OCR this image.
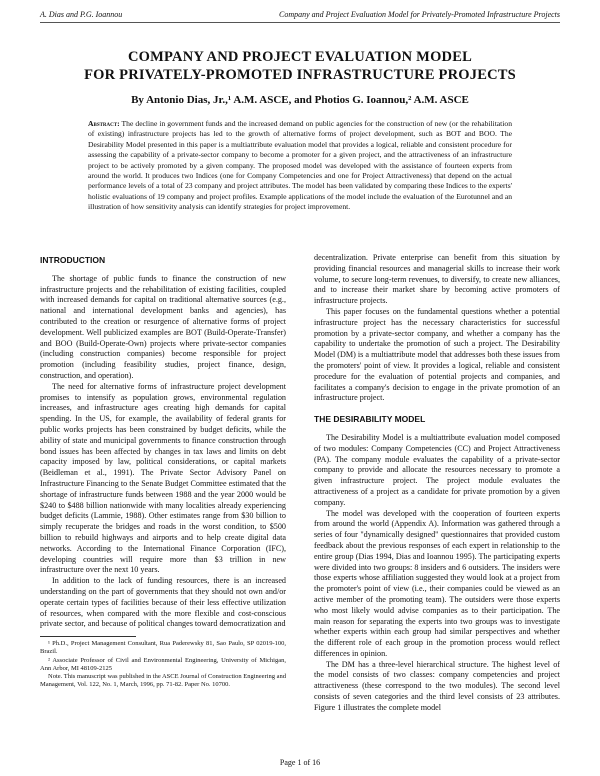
A. Dias and P.G. Ioannou	Company and Project Evaluation Model for Privately-Promoted Infrastructure Projects
COMPANY AND PROJECT EVALUATION MODEL
FOR PRIVATELY-PROMOTED INFRASTRUCTURE PROJECTS
By Antonio Dias, Jr.,¹ A.M. ASCE, and Photios G. Ioannou,² A.M. ASCE
Abstract: The decline in government funds and the increased demand on public agencies for the construction of new (or the rehabilitation of existing) infrastructure projects has led to the growth of alternative forms of project development, such as BOT and BOO. The Desirability Model presented in this paper is a multiattribute evaluation model that provides a logical, reliable and consistent procedure for assessing the capability of a private-sector company to become a promoter for a given project, and the attractiveness of an infrastructure project to be actively promoted by a given company. The proposed model was developed with the assistance of fourteen experts from around the world. It produces two Indices (one for Company Competencies and one for Project Attractiveness) that depend on the actual performance levels of a total of 23 company and project attributes. The model has been validated by comparing these Indices to the experts' holistic evaluations of 19 company and project profiles. Example applications of the model include the evaluation of the Eurotunnel and an illustration of how sensitivity analysis can identify strategies for project improvement.
INTRODUCTION

The shortage of public funds to finance the construction of new infrastructure projects and the rehabilitation of existing facilities, coupled with increased demands for capital on traditional alternative sources (e.g., national and international development banks and agencies), has contributed to the creation or resurgence of alternative forms of project development. Well publicized examples are BOT (Build-Operate-Transfer) and BOO (Build-Operate-Own) projects where private-sector companies (including construction companies) become responsible for project promotion (including feasibility studies, project finance, design, construction, and operation).

The need for alternative forms of infrastructure project development promises to intensify as population grows, environmental regulation increases, and infrastructure ages creating high demands for capital spending. In the US, for example, the availability of federal grants for public works projects has been constrained by budget deficits, while the ability of state and municipal governments to finance construction through bond issues has been affected by changes in tax laws and limits on debt capacity imposed by law, political considerations, or capital markets (Beidleman et al., 1991). The Private Sector Advisory Panel on Infrastructure Financing to the Senate Budget Committee estimated that the shortage of infrastructure funds between 1988 and the year 2000 would be $240 to $488 billion nationwide with many localities already experiencing budget deficits (Lammie, 1988). Other estimates range from $30 billion to simply recuperate the bridges and roads in the worst condition, to $500 billion to rebuild highways and airports and to help create digital data networks. According to the International Finance Corporation (IFC), developing countries will require more than $3 trillion in new infrastructure over the next 10 years.

In addition to the lack of funding resources, there is an increased understanding on the part of governments that they should not own and/or operate certain types of facilities because of their less effective utilization of resources, when compared with the more flexible and cost-conscious private sector, and because of political changes toward democratization and

¹ Ph.D., Project Management Consultant, Rua Paderewsky 81, Sao Paulo, SP 02019-100, Brazil.

² Associate Professor of Civil and Environmental Engineering, University of Michigan, Ann Arbor, MI 48109-2125

Note. This manuscript was published in the ASCE Journal of Construction Engineering and Management, Vol. 122, No. 1, March, 1996, pp. 71-82. Paper No. 10700.

decentralization. Private enterprise can benefit from this situation by providing financial resources and managerial skills to increase their work volume, to secure long-term revenues, to diversify, to create new alliances, and to increase their market share by becoming active promoters of infrastructure projects.

This paper focuses on the fundamental questions whether a potential infrastructure project has the necessary characteristics for successful promotion by a private-sector company, and whether a company has the capability to undertake the promotion of such a project. The Desirability Model (DM) is a multiattribute model that addresses both these issues from the promoters' point of view. It provides a logical, reliable and consistent procedure for the evaluation of potential projects and companies, and facilitates a company's decision to engage in the private promotion of an infrastructure project.

THE DESIRABILITY MODEL

The Desirability Model is a multiattribute evaluation model composed of two modules: Company Competencies (CC) and Project Attractiveness (PA). The company module evaluates the capability of a private-sector company to provide and allocate the resources necessary to promote a given infrastructure project. The project module evaluates the attractiveness of a project as a candidate for private promotion by a given company.

The model was developed with the cooperation of fourteen experts from around the world (Appendix A). Information was gathered through a series of four "dynamically designed" questionnaires that provided custom feedback about the previous responses of each expert in relationship to the entire group (Dias 1994, Dias and Ioannou 1995). The participating experts were divided into two groups: 8 insiders and 6 outsiders. The insiders were those experts whose affiliation suggested they would look at a project from the promoter's point of view (i.e., their companies could be viewed as an active member of the promoting team). The outsiders were those experts who most likely would advise companies as to their participation. The main reason for separating the experts into two groups was to investigate whether experts within each group had similar perspectives and whether the different role of each group in the promotion process would reflect differences in opinion.

The DM has a three-level hierarchical structure. The highest level of the model consists of two classes: company competencies and project attractiveness (these correspond to the two modules). The second level consists of seven categories and the third level consists of 23 attributes. Figure 1 illustrates the complete model

Page 1 of 16
